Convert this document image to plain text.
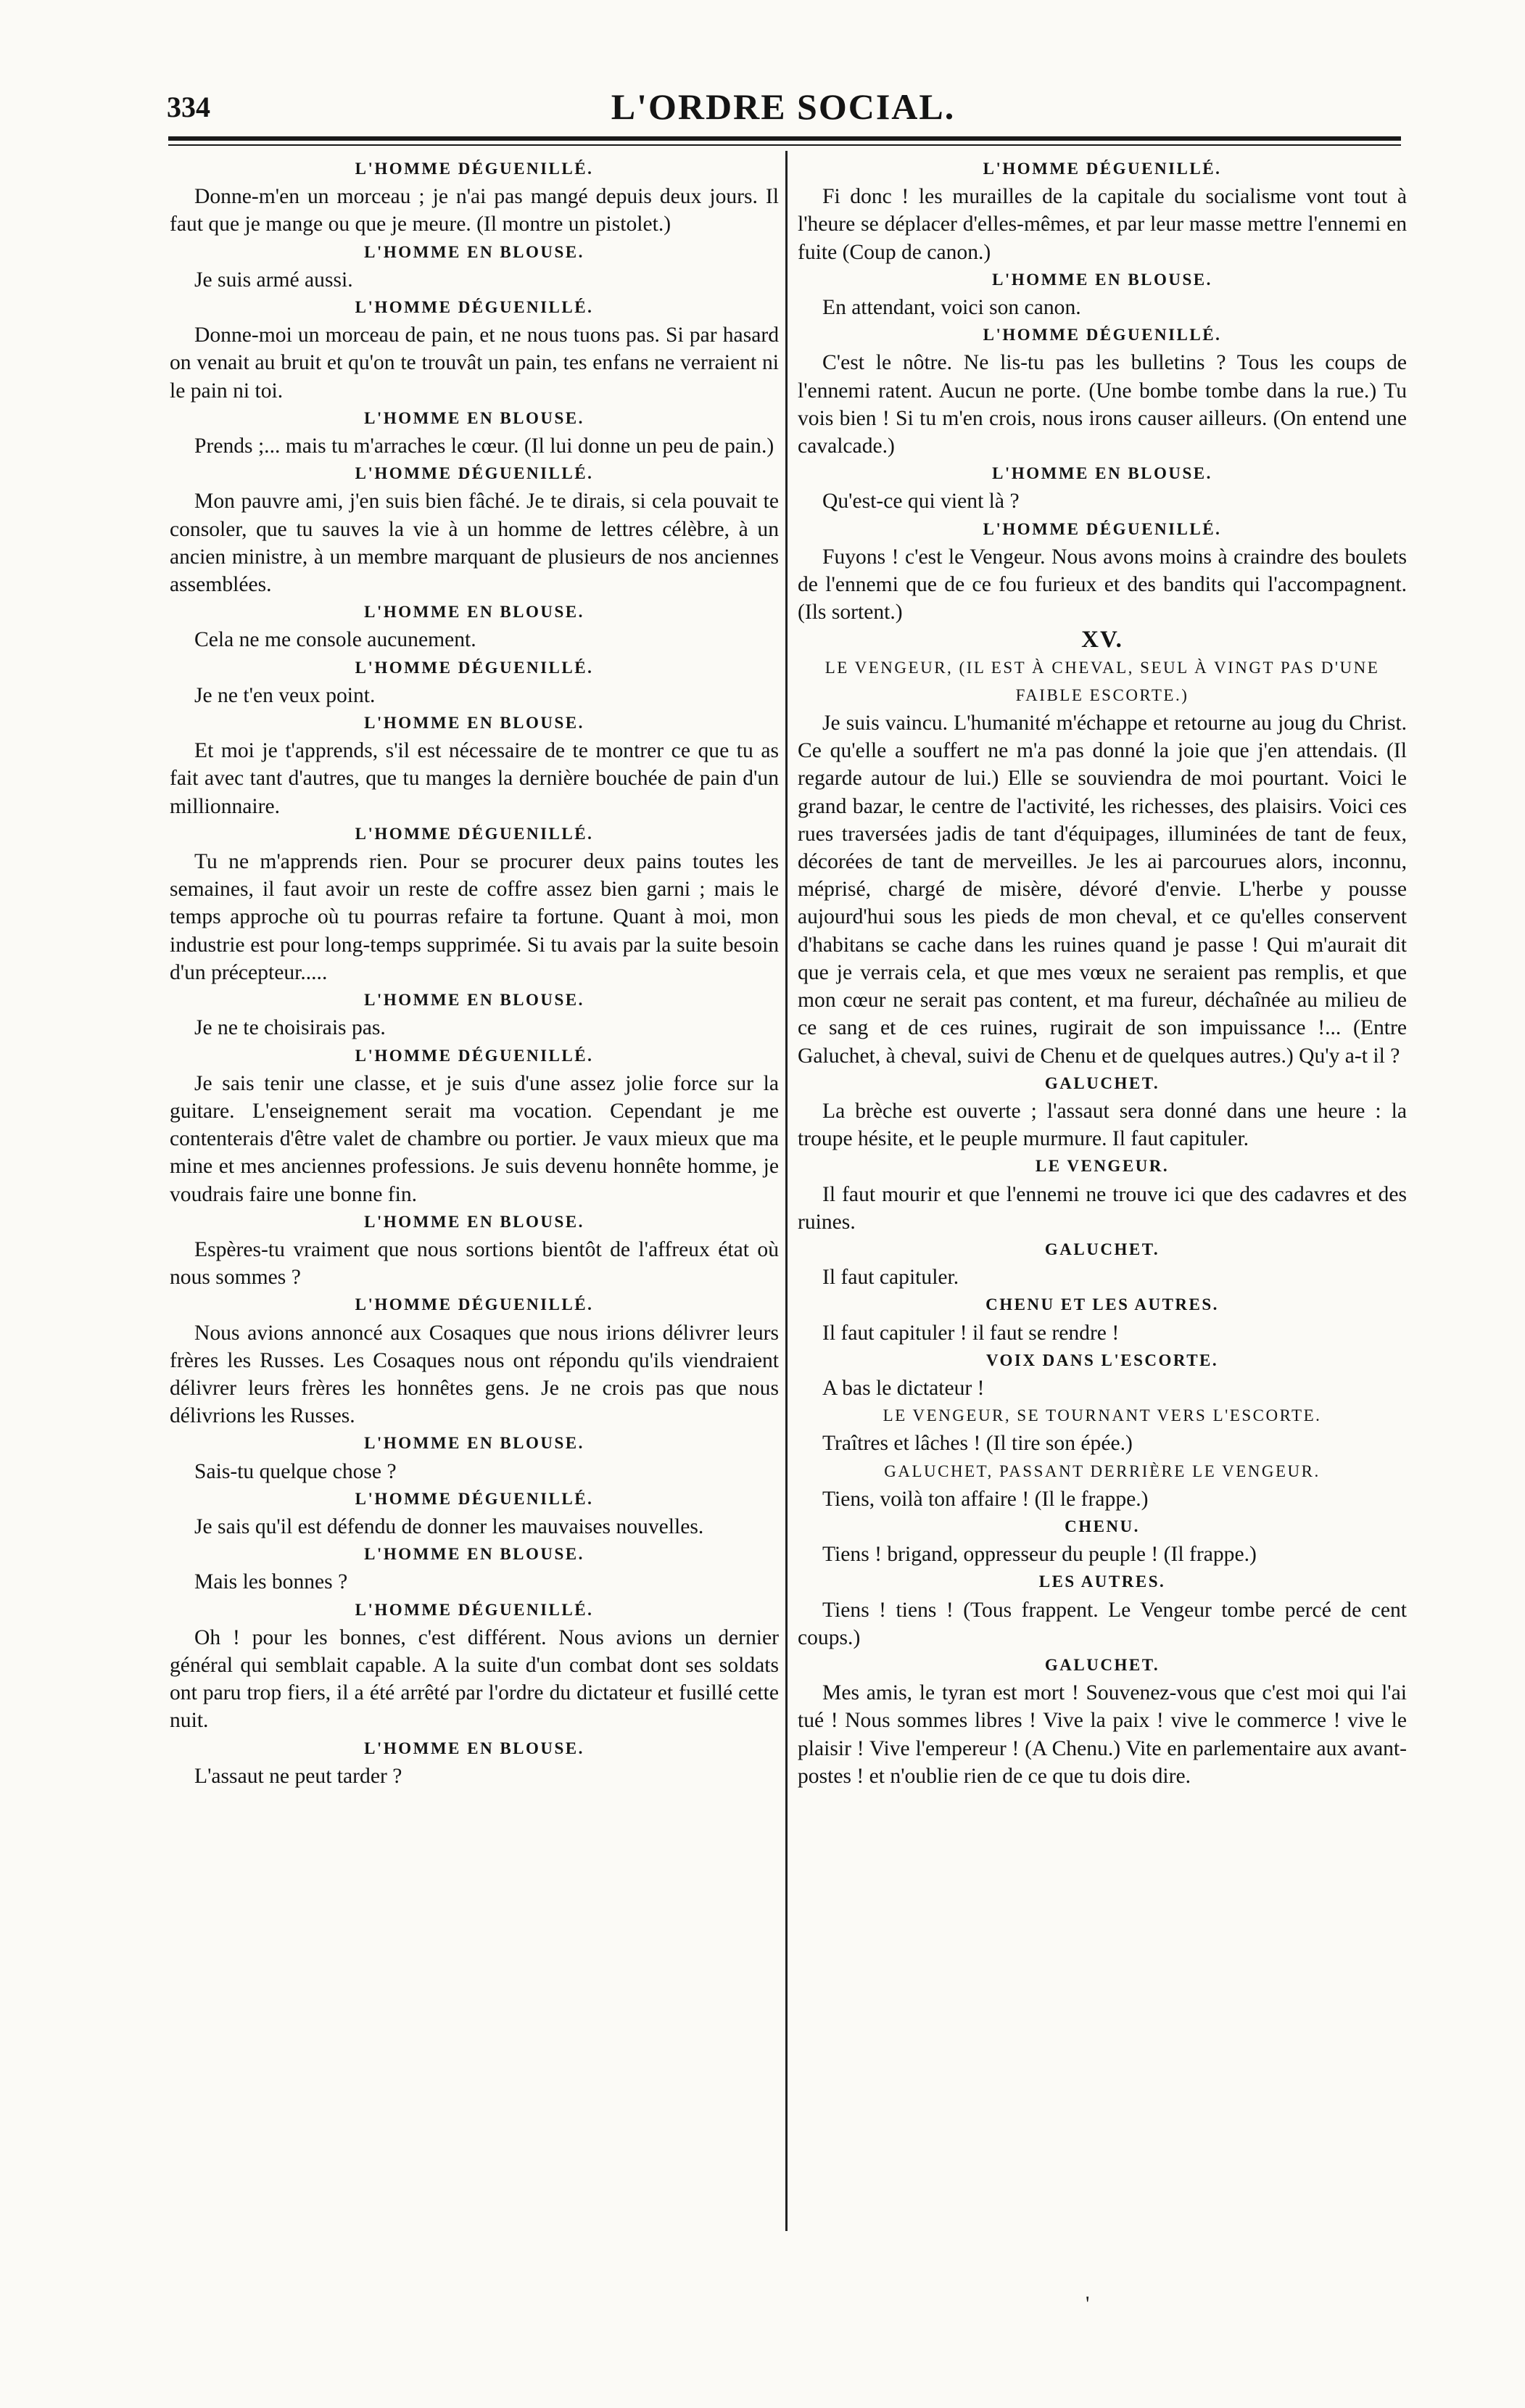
334	L'ORDRE SOCIAL.

L'HOMME DÉGUENILLÉ.

Donne-m'en un morceau ; je n'ai pas mangé depuis deux jours. Il faut que je mange ou que je meure. (Il montre un pistolet.)

L'HOMME EN BLOUSE.

Je suis armé aussi.

L'HOMME DÉGUENILLÉ.

Donne-moi un morceau de pain, et ne nous tuons pas. Si par hasard on venait au bruit et qu'on te trouvât un pain, tes enfans ne verraient ni le pain ni toi.

L'HOMME EN BLOUSE.

Prends ;... mais tu m'arraches le cœur. (Il lui donne un peu de pain.)

L'HOMME DÉGUENILLÉ.

Mon pauvre ami, j'en suis bien fâché. Je te dirais, si cela pouvait te consoler, que tu sauves la vie à un homme de lettres célèbre, à un ancien ministre, à un membre marquant de plusieurs de nos anciennes assemblées.

L'HOMME EN BLOUSE.

Cela ne me console aucunement.

L'HOMME DÉGUENILLÉ.

Je ne t'en veux point.

L'HOMME EN BLOUSE.

Et moi je t'apprends, s'il est nécessaire de te montrer ce que tu as fait avec tant d'autres, que tu manges la dernière bouchée de pain d'un millionnaire.

L'HOMME DÉGUENILLÉ.

Tu ne m'apprends rien. Pour se procurer deux pains toutes les semaines, il faut avoir un reste de coffre assez bien garni ; mais le temps approche où tu pourras refaire ta fortune. Quant à moi, mon industrie est pour long-temps supprimée. Si tu avais par la suite besoin d'un précepteur.....

L'HOMME EN BLOUSE.

Je ne te choisirais pas.

L'HOMME DÉGUENILLÉ.

Je sais tenir une classe, et je suis d'une assez jolie force sur la guitare. L'enseignement serait ma vocation. Cependant je me contenterais d'être valet de chambre ou portier. Je vaux mieux que ma mine et mes anciennes professions. Je suis devenu honnête homme, je voudrais faire une bonne fin.

L'HOMME EN BLOUSE.

Espères-tu vraiment que nous sortions bientôt de l'affreux état où nous sommes ?

L'HOMME DÉGUENILLÉ.

Nous avions annoncé aux Cosaques que nous irions délivrer leurs frères les Russes. Les Cosaques nous ont répondu qu'ils viendraient délivrer leurs frères les honnêtes gens. Je ne crois pas que nous délivrions les Russes.

L'HOMME EN BLOUSE.

Sais-tu quelque chose ?

L'HOMME DÉGUENILLÉ.

Je sais qu'il est défendu de donner les mauvaises nouvelles.

L'HOMME EN BLOUSE.

Mais les bonnes ?

L'HOMME DÉGUENILLÉ.

Oh ! pour les bonnes, c'est différent. Nous avions un dernier général qui semblait capable. A la suite d'un combat dont ses soldats ont paru trop fiers, il a été arrêté par l'ordre du dictateur et fusillé cette nuit.

L'HOMME EN BLOUSE.

L'assaut ne peut tarder ?

L'HOMME DÉGUENILLÉ.

Fi donc ! les murailles de la capitale du socialisme vont tout à l'heure se déplacer d'elles-mêmes, et par leur masse mettre l'ennemi en fuite (Coup de canon.)

L'HOMME EN BLOUSE.

En attendant, voici son canon.

L'HOMME DÉGUENILLÉ.

C'est le nôtre. Ne lis-tu pas les bulletins ? Tous les coups de l'ennemi ratent. Aucun ne porte. (Une bombe tombe dans la rue.) Tu vois bien ! Si tu m'en crois, nous irons causer ailleurs. (On entend une cavalcade.)

L'HOMME EN BLOUSE.

Qu'est-ce qui vient là ?

L'HOMME DÉGUENILLÉ.

Fuyons ! c'est le Vengeur. Nous avons moins à craindre des boulets de l'ennemi que de ce fou furieux et des bandits qui l'accompagnent. (Ils sortent.)

XV.

LE VENGEUR, (IL EST À CHEVAL, SEUL À VINGT PAS D'UNE FAIBLE ESCORTE.)

Je suis vaincu. L'humanité m'échappe et retourne au joug du Christ. Ce qu'elle a souffert ne m'a pas donné la joie que j'en attendais. (Il regarde autour de lui.) Elle se souviendra de moi pourtant. Voici le grand bazar, le centre de l'activité, les richesses, des plaisirs. Voici ces rues traversées jadis de tant d'équipages, illuminées de tant de feux, décorées de tant de merveilles. Je les ai parcourues alors, inconnu, méprisé, chargé de misère, dévoré d'envie. L'herbe y pousse aujourd'hui sous les pieds de mon cheval, et ce qu'elles conservent d'habitans se cache dans les ruines quand je passe ! Qui m'aurait dit que je verrais cela, et que mes vœux ne seraient pas remplis, et que mon cœur ne serait pas content, et ma fureur, déchaînée au milieu de ce sang et de ces ruines, rugirait de son impuissance !... (Entre Galuchet, à cheval, suivi de Chenu et de quelques autres.) Qu'y a-t il ?

GALUCHET.

La brèche est ouverte ; l'assaut sera donné dans une heure : la troupe hésite, et le peuple murmure. Il faut capituler.

LE VENGEUR.

Il faut mourir et que l'ennemi ne trouve ici que des cadavres et des ruines.

GALUCHET.

Il faut capituler.

CHENU ET LES AUTRES.

Il faut capituler ! il faut se rendre !

VOIX DANS L'ESCORTE.

A bas le dictateur !

LE VENGEUR, SE TOURNANT VERS L'ESCORTE.

Traîtres et lâches ! (Il tire son épée.)

GALUCHET, PASSANT DERRIÈRE LE VENGEUR.

Tiens, voilà ton affaire ! (Il le frappe.)

CHENU.

Tiens ! brigand, oppresseur du peuple ! (Il frappe.)

LES AUTRES.

Tiens ! tiens ! (Tous frappent. Le Vengeur tombe percé de cent coups.)

GALUCHET.

Mes amis, le tyran est mort ! Souvenez-vous que c'est moi qui l'ai tué ! Nous sommes libres ! Vive la paix ! vive le commerce ! vive le plaisir ! Vive l'empereur ! (A Chenu.) Vite en parlementaire aux avant-postes ! et n'oublie rien de ce que tu dois dire.

'
